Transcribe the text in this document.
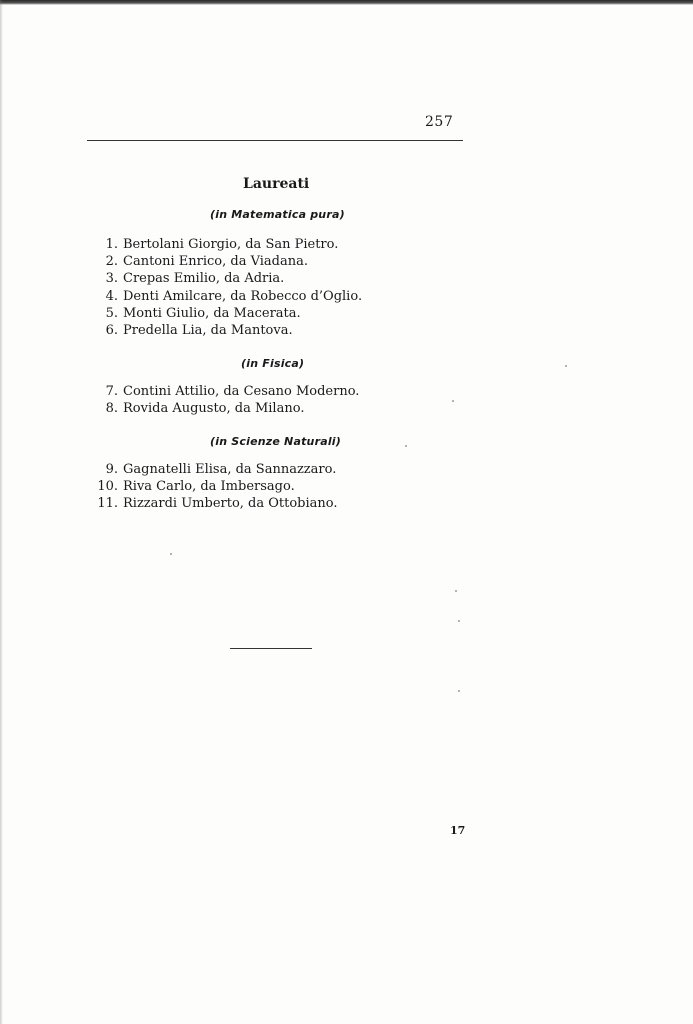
257
Laureati
(in Matematica pura)
1. Bertolani Giorgio, da San Pietro.
2. Cantoni Enrico, da Viadana.
3. Crepas Emilio, da Adria.
4. Denti Amilcare, da Robecco d’Oglio.
5. Monti Giulio, da Macerata.
6. Predella Lia, da Mantova.
(in Fisica)
7. Contini Attilio, da Cesano Moderno.
8. Rovida Augusto, da Milano.
(in Scienze Naturali)
9. Gagnatelli Elisa, da Sannazzaro.
10. Riva Carlo, da Imbersago.
11. Rizzardi Umberto, da Ottobiano.
17
